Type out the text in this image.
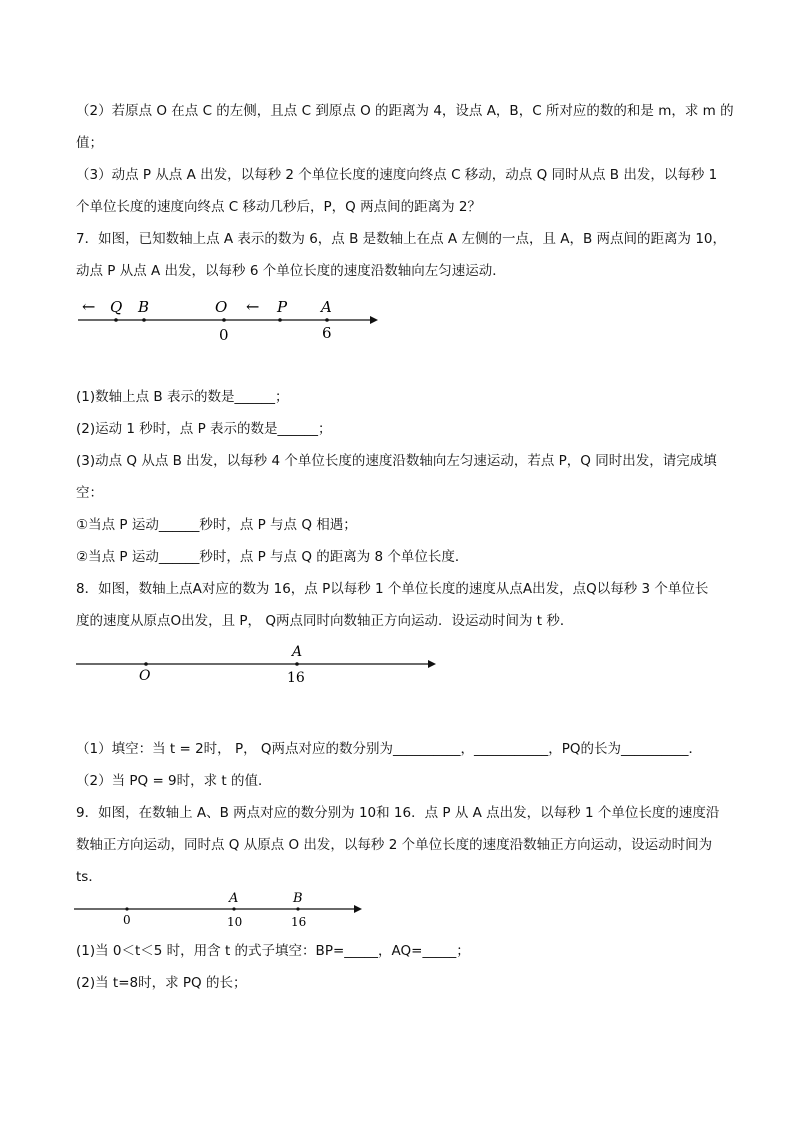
（2）若原点 O 在点 C 的左侧，且点 C 到原点 O 的距离为 4，设点 A，B，C 所对应的数的和是 m，求 m 的
值；
（3）动点 P 从点 A 出发，以每秒 2 个单位长度的速度向终点 C 移动，动点 Q 同时从点 B 出发，以每秒 1
个单位长度的速度向终点 C 移动几秒后，P，Q 两点间的距离为 2？
7．如图，已知数轴上点 A 表示的数为 6，点 B 是数轴上在点 A 左侧的一点，且 A，B 两点间的距离为 10，
动点 P 从点 A 出发，以每秒 6 个单位长度的速度沿数轴向左匀速运动．
←	←
Q B	O	P A
0	6
(1)数轴上点 B 表示的数是______；
(2)运动 1 秒时，点 P 表示的数是______；
(3)动点 Q 从点 B 出发，以每秒 4 个单位长度的速度沿数轴向左匀速运动，若点 P，Q 同时出发，请完成填
空：
①当点 P 运动______秒时，点 P 与点 Q 相遇；
②当点 P 运动______秒时，点 P 与点 Q 的距离为 8 个单位长度．
8．如图，数轴上点A对应的数为 16，点 P以每秒 1 个单位长度的速度从点A出发，点Q以每秒 3 个单位长
度的速度从原点O出发，且 P， Q两点同时向数轴正方向运动．设运动时间为 t 秒．
A
O	16
（1）填空：当 t = 2时， P， Q两点对应的数分别为__________，___________，PQ的长为__________．
（2）当 PQ = 9时，求 t 的值．
9．如图，在数轴上 A、B 两点对应的数分别为 10和 16．点 P 从 A 点出发，以每秒 1 个单位长度的速度沿
数轴正方向运动，同时点 Q 从原点 O 出发，以每秒 2 个单位长度的速度沿数轴正方向运动，设运动时间为
ts．
A	B
0	10	16
(1)当 0＜t＜5 时，用含 t 的式子填空：BP=_____，AQ=_____；
(2)当 t=8时，求 PQ 的长；
